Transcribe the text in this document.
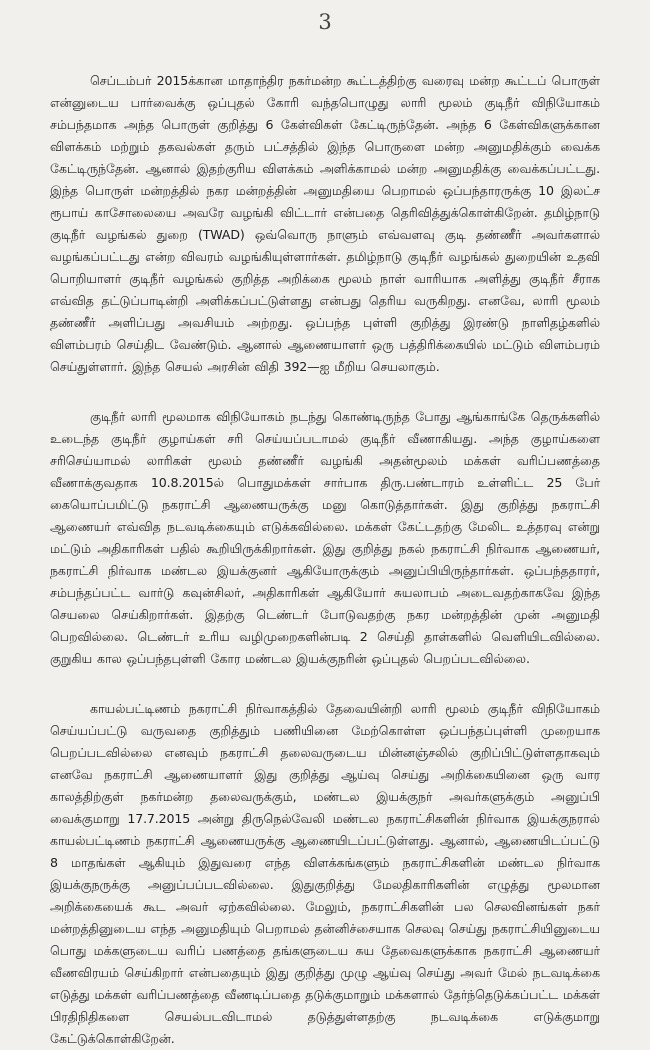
3

செப்டம்பர் 2015க்கான மாதாந்திர நகர்மன்ற கூட்டத்திற்கு வரைவு மன்ற கூட்டப் பொருள் என்னுடைய பார்வைக்கு ஒப்புதல் கோரி வந்தபொழுது லாரி மூலம் குடிநீர் விநியோகம் சம்பந்தமாக அந்த பொருள் குறித்து 6 கேள்விகள் கேட்டிருந்தேன். அந்த 6 கேள்விகளுக்கான விளக்கம் மற்றும் தகவல்கள் தரும் பட்சத்தில் இந்த பொருளை மன்ற அனுமதிக்கும் வைக்க கேட்டிருந்தேன். ஆனால் இதற்குரிய விளக்கம் அளிக்காமல் மன்ற அனுமதிக்கு வைக்கப்பட்டது. இந்த பொருள் மன்றத்தில் நகர மன்றத்தின் அனுமதியை பெறாமல் ஒப்பந்தாரருக்கு 10 இலட்ச ரூபாய் காசோலையை அவரே வழங்கி விட்டார் என்பதை தெரிவித்துக்கொள்கிறேன். தமிழ்நாடு குடிநீர் வழங்கல் துறை (TWAD) ஒவ்வொரு நாளும் எவ்வளவு குடி தண்ணீர் அவர்களால் வழங்கப்பட்டது என்ற விவரம் வழங்கியுள்ளார்கள். தமிழ்நாடு குடிநீர் வழங்கல் துறையின் உதவி பொறியாளர் குடிநீர் வழங்கல் குறித்த அறிக்கை மூலம் நாள் வாரியாக அளித்து குடிநீர் சீராக எவ்வித தட்டுப்பாடின்றி அளிக்கப்பட்டுள்ளது என்பது தெரிய வருகிறது. எனவே, லாரி மூலம் தண்ணீர் அளிப்பது அவசியம் அற்றது. ஒப்பந்த புள்ளி குறித்து இரண்டு நாளிதழ்களில் விளம்பரம் செய்திட வேண்டும். ஆனால் ஆணையாளர் ஒரு பத்திரிக்கையில் மட்டும் விளம்பரம் செய்துள்ளார். இந்த செயல் அரசின் விதி 392—ஐ மீறிய செயலாகும்.

குடிநீர் லாரி மூலமாக விநியோகம் நடந்து கொண்டிருந்த போது ஆங்காங்கே தெருக்களில் உடைந்த குடிநீர் குழாய்கள் சரி செய்யப்படாமல் குடிநீர் வீணாகியது. அந்த குழாய்களை சரிசெய்யாமல் லாரிகள் மூலம் தண்ணீர் வழங்கி அதன்மூலம் மக்கள் வரிப்பணத்தை வீணாக்குவதாக 10.8.2015ல் பொதுமக்கள் சார்பாக திரு.பண்டாரம் உள்ளிட்ட 25 பேர் கையொப்பமிட்டு நகராட்சி ஆணையருக்கு மனு கொடுத்தார்கள். இது குறித்து நகராட்சி ஆணையர் எவ்வித நடவடிக்கையும் எடுக்கவில்லை. மக்கள் கேட்டதற்கு மேலிட உத்தரவு என்று மட்டும் அதிகாரிகள் பதில் கூறியிருக்கிறார்கள். இது குறித்து நகல் நகராட்சி நிர்வாக ஆணையர், நகராட்சி நிர்வாக மண்டல இயக்குனர் ஆகியோருக்கும் அனுப்பியிருந்தார்கள். ஒப்பந்ததாரர், சம்பந்தப்பட்ட வார்டு கவுன்சிலர், அதிகாரிகள் ஆகியோர் சுயலாபம் அடைவதற்காகவே இந்த செயலை செய்கிறார்கள். இதற்கு டெண்டர் போடுவதற்கு நகர மன்றத்தின் முன் அனுமதி பெறவில்லை. டெண்டர் உரிய வழிமுறைகளின்படி 2 செய்தி தாள்களில் வெளியிடவில்லை. குறுகிய கால ஒப்பந்தபுள்ளி கோர மண்டல இயக்குநரின் ஒப்புதல் பெறப்படவில்லை.

காயல்பட்டிணம் நகராட்சி நிர்வாகத்தில் தேவையின்றி லாரி மூலம் குடிநீர் விநியோகம் செய்யப்பட்டு வருவதை குறித்தும் பணியினை மேற்கொள்ள ஒப்பந்தப்புள்ளி முறையாக பெறப்படவில்லை எனவும் நகராட்சி தலைவருடைய மின்னஞ்சலில் குறிப்பிட்டுள்ளதாகவும் எனவே நகராட்சி ஆணையாளர் இது குறித்து ஆய்வு செய்து அறிக்கையினை ஒரு வார காலத்திற்குள் நகர்மன்ற தலைவருக்கும், மண்டல இயக்குநர் அவர்களுக்கும் அனுப்பி வைக்குமாறு 17.7.2015 அன்று திருநெல்வேலி மண்டல நகராட்சிகளின் நிர்வாக இயக்குநரால் காயல்பட்டிணம் நகராட்சி ஆணையருக்கு ஆணையிடப்பட்டுள்ளது. ஆனால், ஆணையிடப்பட்டு 8 மாதங்கள் ஆகியும் இதுவரை எந்த விளக்கங்களும் நகராட்சிகளின் மண்டல நிர்வாக இயக்குநருக்கு அனுப்பப்படவில்லை. இதுகுறித்து மேலதிகாரிகளின் எழுத்து மூலமான அறிக்கையைக் கூட அவர் ஏற்கவில்லை. மேலும், நகராட்சிகளின் பல செலவினங்கள் நகர் மன்றத்தினுடைய எந்த அனுமதியும் பெறாமல் தன்னிச்சையாக செலவு செய்து நகராட்சியினுடைய பொது மக்களுடைய வரிப் பணத்தை தங்களுடைய சுய தேவைகளுக்காக நகராட்சி ஆணையர் வீணவிரயம் செய்கிறார் என்பதையும் இது குறித்து முழு ஆய்வு செய்து அவர் மேல் நடவடிக்கை எடுத்து மக்கள் வரிப்பணத்தை வீணடிப்பதை தடுக்குமாறும் மக்களால் தேர்ந்தெடுக்கப்பட்ட மக்கள் பிரதிநிதிகளை செயல்படவிடாமல் தடுத்துள்ளதற்கு நடவடிக்கை எடுக்குமாறு கேட்டுக்கொள்கிறேன்.
